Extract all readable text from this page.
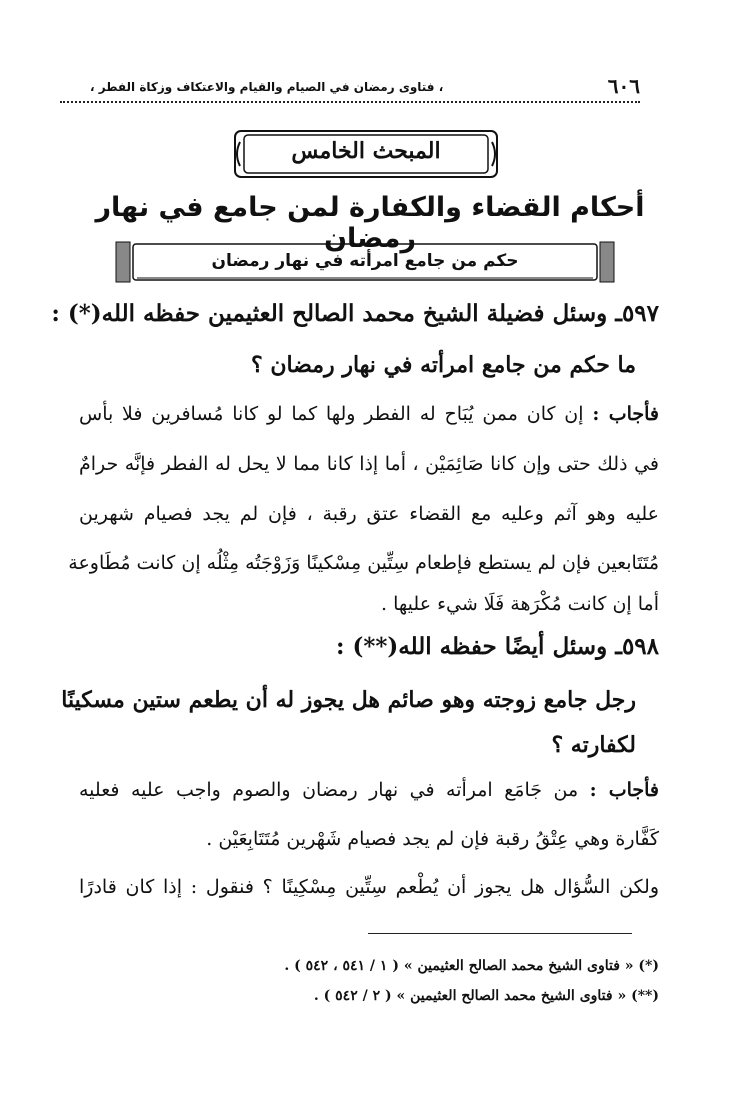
٦٠٦
، فتاوى رمضان في الصيام والقيام والاعتكاف وزكاة الفطر ،
المبحث الخامس
أحكام القضاء والكفارة لمن جامع في نهار رمضان
حكم من جامع امرأته في نهار رمضان
٥٩٧ـ وسئل فضيلة الشيخ محمد الصالح العثيمين حفظه الله(*) :
ما حكم من جامع امرأته في نهار رمضان ؟
فأجاب : إن كان ممن يُبَاح له الفطر ولها كما لو كانا مُسافرين فلا بأس
في ذلك حتى وإن كانا صَائِمَيْن ، أما إذا كانا مما لا يحل له الفطر فإنَّه حرامٌ
عليه وهو آثم وعليه مع القضاء عتق رقبة ، فإن لم يجد فصيام شهرين
مُتَتَابعين فإن لم يستطع فإطعام سِتِّين مِسْكينًا وَزَوْجَتُه مِثْلُه إن كانت مُطَاوعة
أما إن كانت مُكْرَهة فَلَا شيء عليها .
٥٩٨ـ وسئل أيضًا حفظه الله(**) :
رجل جامع زوجته وهو صائم هل يجوز له أن يطعم ستين مسكينًا
لكفارته ؟
فأجاب : من جَامَع امرأته في نهار رمضان والصوم واجب عليه فعليه
كَفَّارة وهي عِتْقُ رقبة فإن لم يجد فصيام شَهْرين مُتَتَابِعَيْن .
ولكن السُّؤال هل يجوز أن يُطْعم سِتِّين مِسْكِينًا ؟ فنقول : إذا كان قادرًا
(*) « فتاوى الشيخ محمد الصالح العثيمين » ( ١ / ٥٤١ ، ٥٤٢ ) .
(**) « فتاوى الشيخ محمد الصالح العثيمين » ( ٢ / ٥٤٢ ) .
